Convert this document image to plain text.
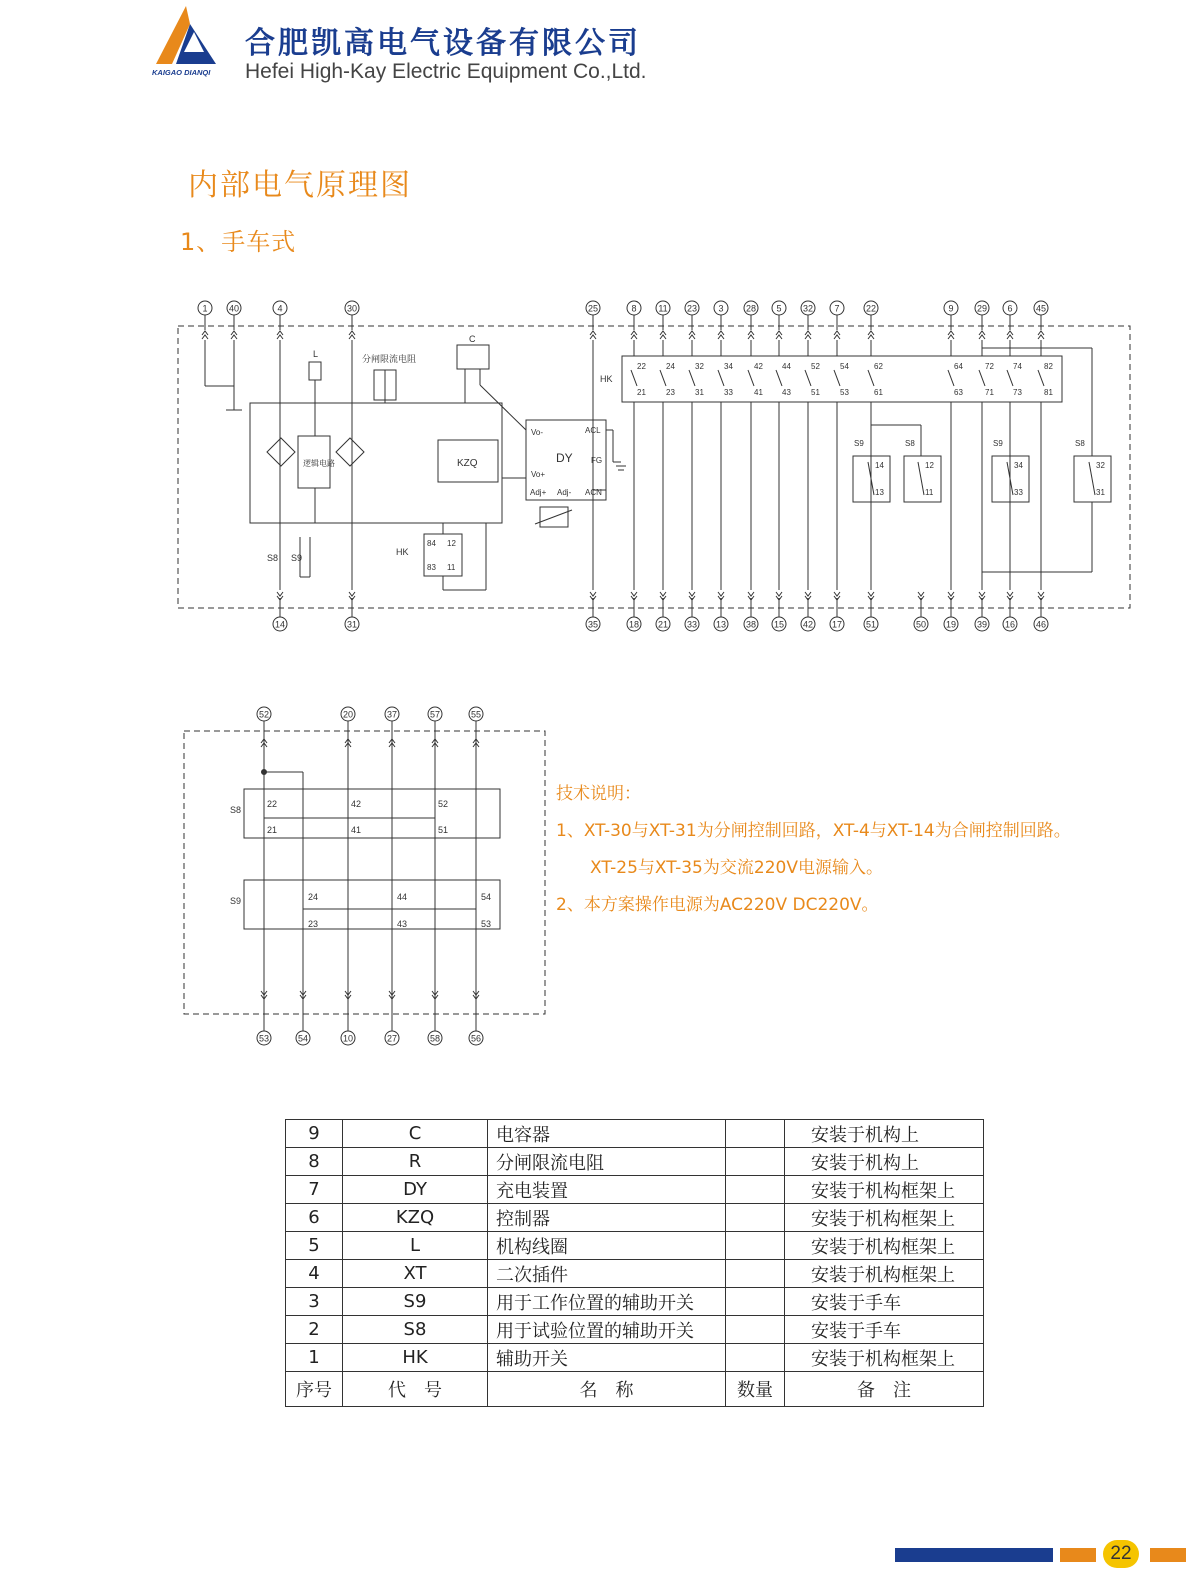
KAIGAO DIANQI
合肥凯高电气设备有限公司
Hefei High-Kay Electric Equipment Co.,Ltd.
内部电气原理图
1、手车式
1 40	4	30	25	8 11 23 3 28 5 32 7	22	9	29 6	45
14	31	35	18 21 33 13 38 15 42 17	51	50 19 39 16 46
22
21
24
23
32
31
34
33
42
41
44
43
52
51
54
53
62
61
64
63
72
71
74
73
82
81
14
13
S9
12
11
S8
34
33
S9
32
31
S8
84 12
83 11
L	分闸限流电阻
C
逻辑电路	KZQ	DY
Vo-
Vo+
ACL
FG
ACN
Adj+ Adj-
HK
HK
S8 S9
52	20	37	57	55
53	54	10	27	58	56
22
21
42
41
52
51
24
23
44
43
54
53
S8
S9
技术说明：
1、XT-30与XT-31为分闸控制回路，XT-4与XT-14为合闸控制回路。
XT-25与XT-35为交流220V电源输入。
2、本方案操作电源为AC220V DC220V。
9	C	电容器		安装于机构上
8	R	分闸限流电阻		安装于机构上
7	DY	充电装置		安装于机构框架上
6	KZQ	控制器		安装于机构框架上
5	L	机构线圈		安装于机构框架上
4	XT	二次插件		安装于机构框架上
3	S9	用于工作位置的辅助开关		安装于手车
2	S8	用于试验位置的辅助开关		安装于手车
1	HK	辅助开关		安装于机构框架上
序号	代　号	名　称	数量	备　注
22
